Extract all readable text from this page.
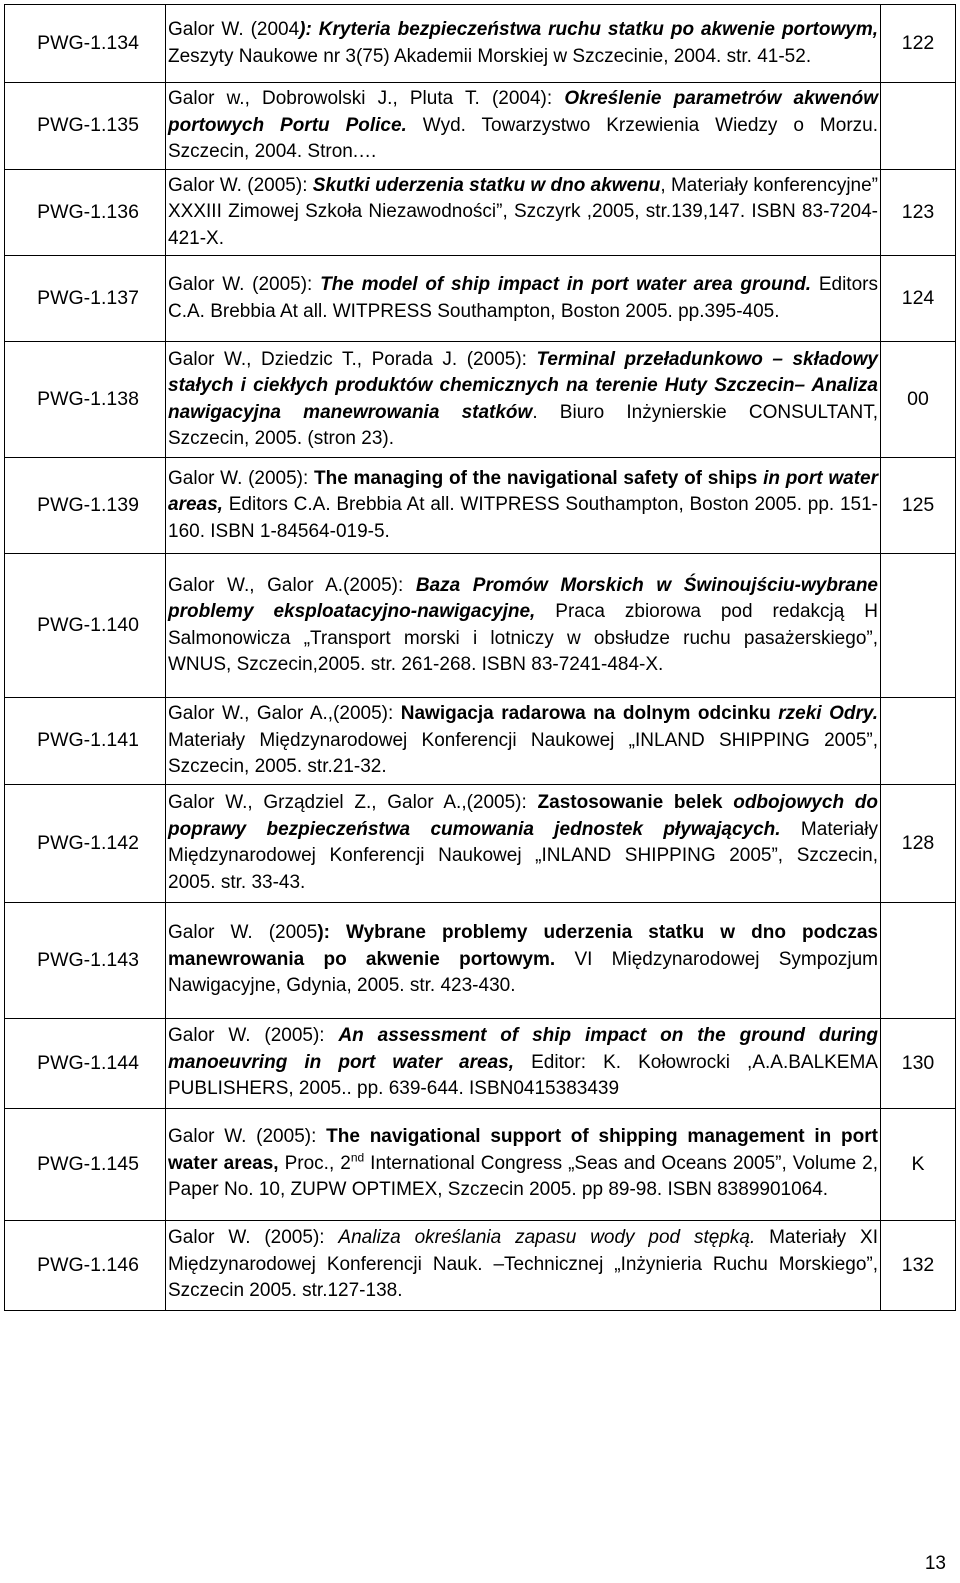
PWG-1.134	Galor W. (2004): Kryteria bezpieczeństwa ruchu statku po akwenie portowym, Zeszyty Naukowe nr 3(75) Akademii Morskiej w Szczecinie, 2004. str. 41-52.	122
PWG-1.135	Galor w., Dobrowolski J., Pluta T. (2004): Określenie parametrów akwenów portowych Portu Police. Wyd. Towarzystwo Krzewienia Wiedzy o Morzu. Szczecin, 2004. Stron.…	
PWG-1.136	Galor W. (2005): Skutki uderzenia statku w dno akwenu, Materiały konferencyjne” XXXIII Zimowej Szkoła Niezawodności”, Szczyrk ,2005, str.139,147. ISBN 83-7204-421-X.	123
PWG-1.137	Galor W. (2005): The model of ship impact in port water area ground. Editors C.A. Brebbia At all. WITPRESS Southampton, Boston 2005. pp.395-405.	124
PWG-1.138	Galor W., Dziedzic T., Porada J. (2005): Terminal przeładunkowo – składowy stałych i ciekłych produktów chemicznych na terenie Huty Szczecin– Analiza nawigacyjna manewrowania statków. Biuro Inżynierskie CONSULTANT, Szczecin, 2005. (stron 23).	00
PWG-1.139	Galor W. (2005): The managing of the navigational safety of ships in port water areas, Editors C.A. Brebbia At all. WITPRESS Southampton, Boston 2005. pp. 151-160. ISBN 1-84564-019-5.	125
PWG-1.140	Galor W., Galor A.(2005): Baza Promów Morskich w Świnoujściu-wybrane problemy eksploatacyjno-nawigacyjne, Praca zbiorowa pod redakcją H Salmonowicza „Transport morski i lotniczy w obsłudze ruchu pasażerskiego”, WNUS, Szczecin,2005. str. 261-268. ISBN 83-7241-484-X.	
PWG-1.141	Galor W., Galor A.,(2005): Nawigacja radarowa na dolnym odcinku rzeki Odry. Materiały Międzynarodowej Konferencji Naukowej „INLAND SHIPPING 2005”, Szczecin, 2005. str.21-32.	
PWG-1.142	Galor W., Grządziel Z., Galor A.,(2005): Zastosowanie belek odbojowych do poprawy bezpieczeństwa cumowania jednostek pływających. Materiały Międzynarodowej Konferencji Naukowej „INLAND SHIPPING 2005”, Szczecin, 2005. str. 33-43.	128
PWG-1.143	Galor W. (2005): Wybrane problemy uderzenia statku w dno podczas manewrowania po akwenie portowym. VI Międzynarodowej Sympozjum Nawigacyjne, Gdynia, 2005. str. 423-430.	
PWG-1.144	Galor W. (2005): An assessment of ship impact on the ground during manoeuvring in port water areas, Editor: K. Kołowrocki ,A.A.BALKEMA PUBLISHERS, 2005.. pp. 639-644. ISBN0415383439	130
PWG-1.145	Galor W. (2005): The navigational support of shipping management in port water areas, Proc., 2nd International Congress „Seas and Oceans 2005”, Volume 2, Paper No. 10, ZUPW OPTIMEX, Szczecin 2005. pp 89-98. ISBN 8389901064.	K
PWG-1.146	Galor W. (2005): Analiza określania zapasu wody pod stępką. Materiały XI Międzynarodowej Konferencji Nauk. –Technicznej „Inżynieria Ruchu Morskiego”, Szczecin 2005. str.127-138.	132
13
